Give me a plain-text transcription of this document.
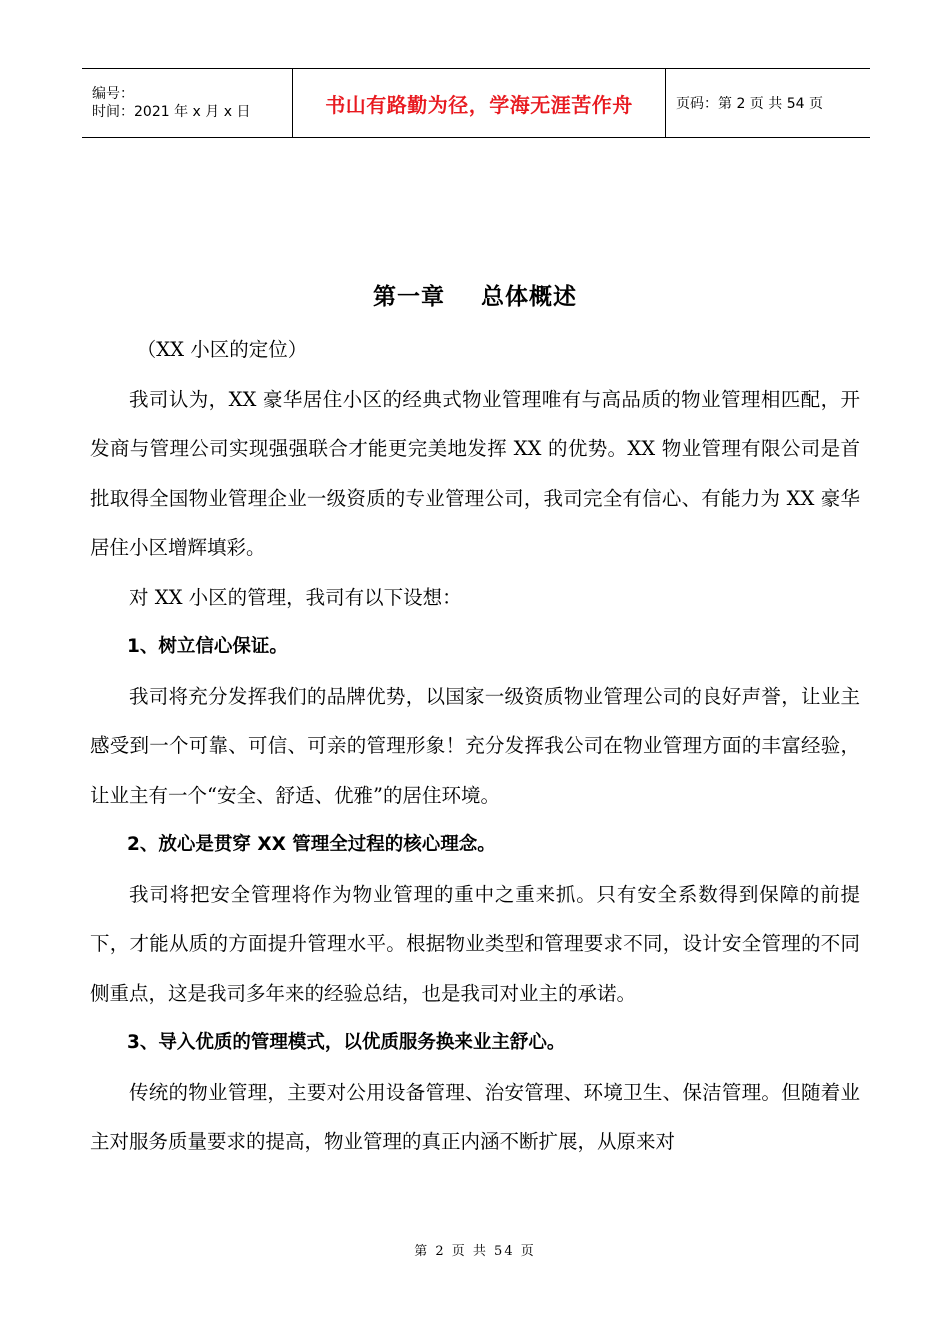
编号：
时间：2021 年 x 月 x 日	书山有路勤为径，学海无涯苦作舟	页码：第 2 页 共 54 页
第一章    总体概述

（XX 小区的定位）

我司认为，XX 豪华居住小区的经典式物业管理唯有与高品质的物业管理相匹配，开发商与管理公司实现强强联合才能更完美地发挥 XX 的优势。XX 物业管理有限公司是首批取得全国物业管理企业一级资质的专业管理公司，我司完全有信心、有能力为 XX 豪华居住小区增辉填彩。

对 XX 小区的管理，我司有以下设想：

1、树立信心保证。

我司将充分发挥我们的品牌优势，以国家一级资质物业管理公司的良好声誉，让业主感受到一个可靠、可信、可亲的管理形象！充分发挥我公司在物业管理方面的丰富经验，让业主有一个“安全、舒适、优雅”的居住环境。

2、放心是贯穿 XX 管理全过程的核心理念。

我司将把安全管理将作为物业管理的重中之重来抓。只有安全系数得到保障的前提下，才能从质的方面提升管理水平。根据物业类型和管理要求不同，设计安全管理的不同侧重点，这是我司多年来的经验总结，也是我司对业主的承诺。

3、导入优质的管理模式，以优质服务换来业主舒心。

传统的物业管理，主要对公用设备管理、治安管理、环境卫生、保洁管理。但随着业主对服务质量要求的提高，物业管理的真正内涵不断扩展，从原来对

第 2 页 共 54 页
